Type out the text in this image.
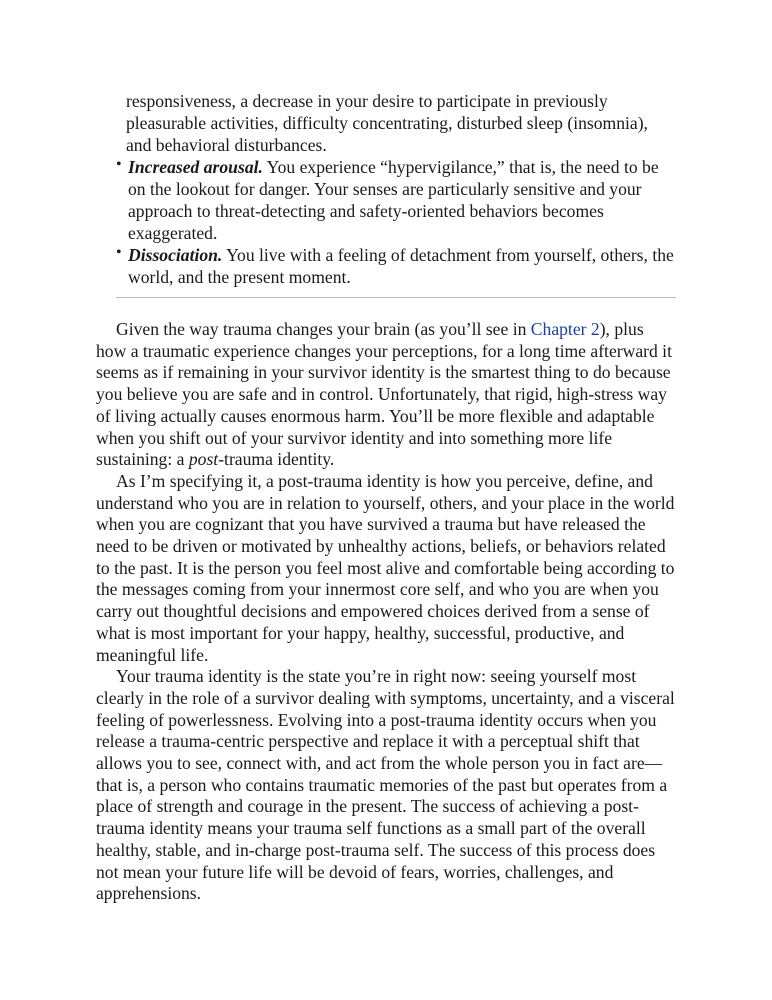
responsiveness, a decrease in your desire to participate in previously pleasurable activities, difficulty concentrating, disturbed sleep (insomnia), and behavioral disturbances.

• Increased arousal. You experience “hypervigilance,” that is, the need to be on the lookout for danger. Your senses are particularly sensitive and your approach to threat-detecting and safety-oriented behaviors becomes exaggerated.

• Dissociation. You live with a feeling of detachment from yourself, others, the world, and the present moment.

Given the way trauma changes your brain (as you’ll see in Chapter 2), plus how a traumatic experience changes your perceptions, for a long time afterward it seems as if remaining in your survivor identity is the smartest thing to do because you believe you are safe and in control. Unfortunately, that rigid, high-stress way of living actually causes enormous harm. You’ll be more flexible and adaptable when you shift out of your survivor identity and into something more life sustaining: a post-trauma identity.

As I’m specifying it, a post-trauma identity is how you perceive, define, and understand who you are in relation to yourself, others, and your place in the world when you are cognizant that you have survived a trauma but have released the need to be driven or motivated by unhealthy actions, beliefs, or behaviors related to the past. It is the person you feel most alive and comfortable being according to the messages coming from your innermost core self, and who you are when you carry out thoughtful decisions and empowered choices derived from a sense of what is most important for your happy, healthy, successful, productive, and meaningful life.

Your trauma identity is the state you’re in right now: seeing yourself most clearly in the role of a survivor dealing with symptoms, uncertainty, and a visceral feeling of powerlessness. Evolving into a post-trauma identity occurs when you release a trauma-centric perspective and replace it with a perceptual shift that allows you to see, connect with, and act from the whole person you in fact are—that is, a person who contains traumatic memories of the past but operates from a place of strength and courage in the present. The success of achieving a post-trauma identity means your trauma self functions as a small part of the overall healthy, stable, and in-charge post-trauma self. The success of this process does not mean your future life will be devoid of fears, worries, challenges, and apprehensions.
